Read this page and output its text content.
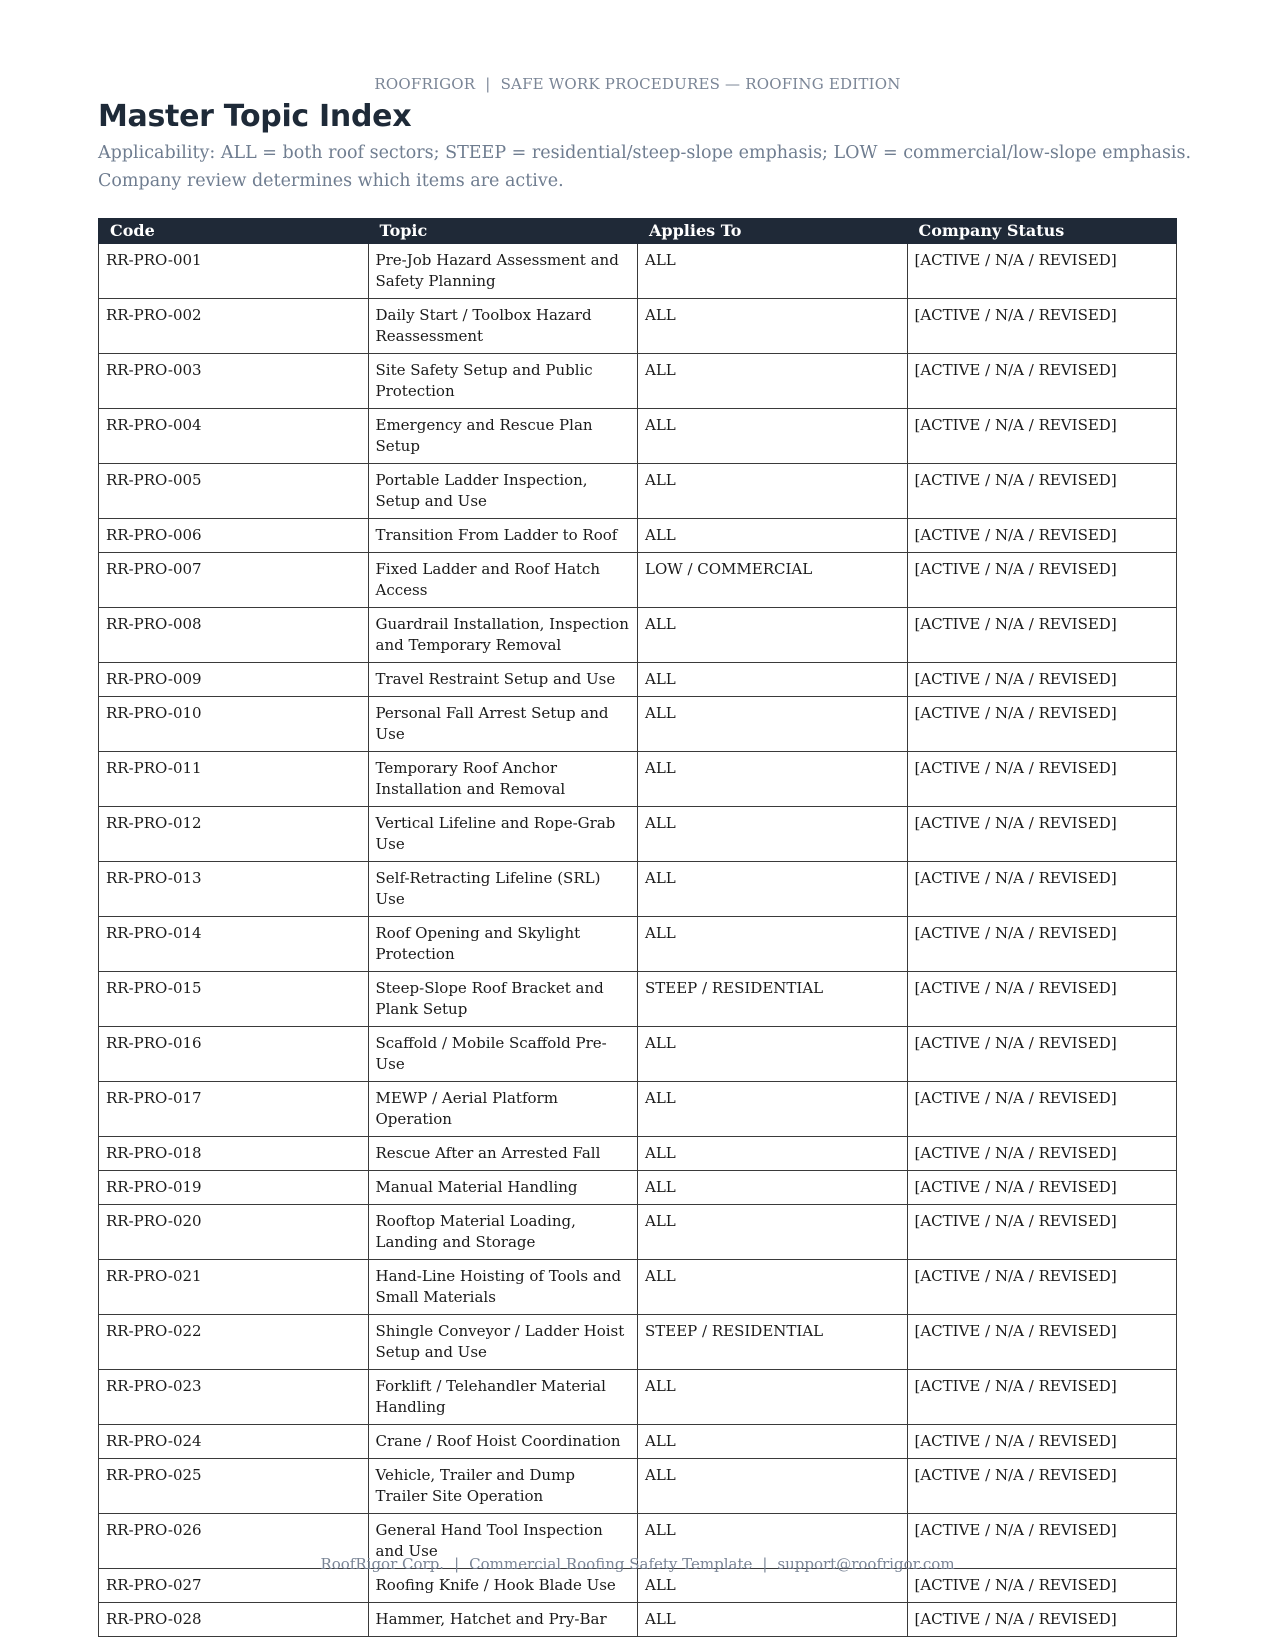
ROOFRIGOR | SAFE WORK PROCEDURES — ROOFING EDITION
Master Topic Index

Applicability: ALL = both roof sectors; STEEP = residential/steep-slope emphasis; LOW = commercial/low-slope emphasis. Company review determines which items are active.

Code	Topic	Applies To	Company Status
RR-PRO-001	Pre-Job Hazard Assessment and Safety Planning	ALL	[ACTIVE / N/A / REVISED]
RR-PRO-002	Daily Start / Toolbox Hazard Reassessment	ALL	[ACTIVE / N/A / REVISED]
RR-PRO-003	Site Safety Setup and Public Protection	ALL	[ACTIVE / N/A / REVISED]
RR-PRO-004	Emergency and Rescue Plan Setup	ALL	[ACTIVE / N/A / REVISED]
RR-PRO-005	Portable Ladder Inspection, Setup and Use	ALL	[ACTIVE / N/A / REVISED]
RR-PRO-006	Transition From Ladder to Roof	ALL	[ACTIVE / N/A / REVISED]
RR-PRO-007	Fixed Ladder and Roof Hatch Access	LOW / COMMERCIAL	[ACTIVE / N/A / REVISED]
RR-PRO-008	Guardrail Installation, Inspection and Temporary Removal	ALL	[ACTIVE / N/A / REVISED]
RR-PRO-009	Travel Restraint Setup and Use	ALL	[ACTIVE / N/A / REVISED]
RR-PRO-010	Personal Fall Arrest Setup and Use	ALL	[ACTIVE / N/A / REVISED]
RR-PRO-011	Temporary Roof Anchor Installation and Removal	ALL	[ACTIVE / N/A / REVISED]
RR-PRO-012	Vertical Lifeline and Rope-Grab Use	ALL	[ACTIVE / N/A / REVISED]
RR-PRO-013	Self-Retracting Lifeline (SRL) Use	ALL	[ACTIVE / N/A / REVISED]
RR-PRO-014	Roof Opening and Skylight Protection	ALL	[ACTIVE / N/A / REVISED]
RR-PRO-015	Steep-Slope Roof Bracket and Plank Setup	STEEP / RESIDENTIAL	[ACTIVE / N/A / REVISED]
RR-PRO-016	Scaffold / Mobile Scaffold Pre-Use	ALL	[ACTIVE / N/A / REVISED]
RR-PRO-017	MEWP / Aerial Platform Operation	ALL	[ACTIVE / N/A / REVISED]
RR-PRO-018	Rescue After an Arrested Fall	ALL	[ACTIVE / N/A / REVISED]
RR-PRO-019	Manual Material Handling	ALL	[ACTIVE / N/A / REVISED]
RR-PRO-020	Rooftop Material Loading, Landing and Storage	ALL	[ACTIVE / N/A / REVISED]
RR-PRO-021	Hand-Line Hoisting of Tools and Small Materials	ALL	[ACTIVE / N/A / REVISED]
RR-PRO-022	Shingle Conveyor / Ladder Hoist Setup and Use	STEEP / RESIDENTIAL	[ACTIVE / N/A / REVISED]
RR-PRO-023	Forklift / Telehandler Material Handling	ALL	[ACTIVE / N/A / REVISED]
RR-PRO-024	Crane / Roof Hoist Coordination	ALL	[ACTIVE / N/A / REVISED]
RR-PRO-025	Vehicle, Trailer and Dump Trailer Site Operation	ALL	[ACTIVE / N/A / REVISED]
RR-PRO-026	General Hand Tool Inspection and Use	ALL	[ACTIVE / N/A / REVISED]
RR-PRO-027	Roofing Knife / Hook Blade Use	ALL	[ACTIVE / N/A / REVISED]
RR-PRO-028	Hammer, Hatchet and Pry-Bar	ALL	[ACTIVE / N/A / REVISED]
RoofRigor Corp. | Commercial Roofing Safety Template | support@roofrigor.com
